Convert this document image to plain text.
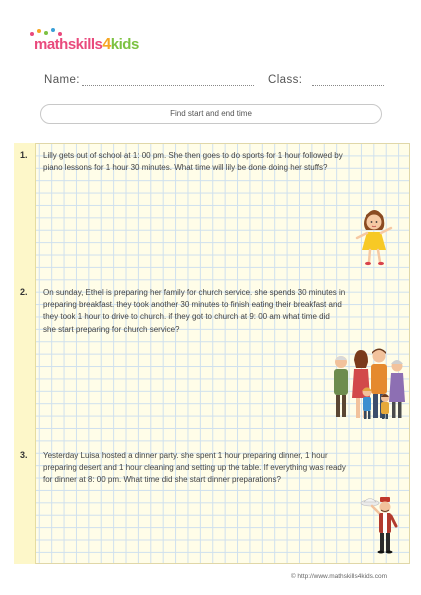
mathskills4kids
Name:	Class:
Find start and end time
1. Lilly gets out of school at 1: 00 pm. She then goes to do sports for 1 hour followed by
piano lessons for 1 hour 30 minutes. What time will lily be done doing her stuffs?
2. On sunday, Ethel is preparing her family for church service. she spends 30 minutes in
preparing breakfast. they took another 30 minutes to finish eating their breakfast and
they took 1 hour to drive to church. if they got to church at 9: 00 am what time did
she start preparing for church service?
3. Yesterday Luisa hosted a dinner party. she spent 1 hour preparing dinner, 1 hour
preparing desert and 1 hour cleaning and setting up the table. If everything was ready
for dinner at 8: 00 pm. What time did she start dinner preparations?
© http://www.mathskills4kids.com
